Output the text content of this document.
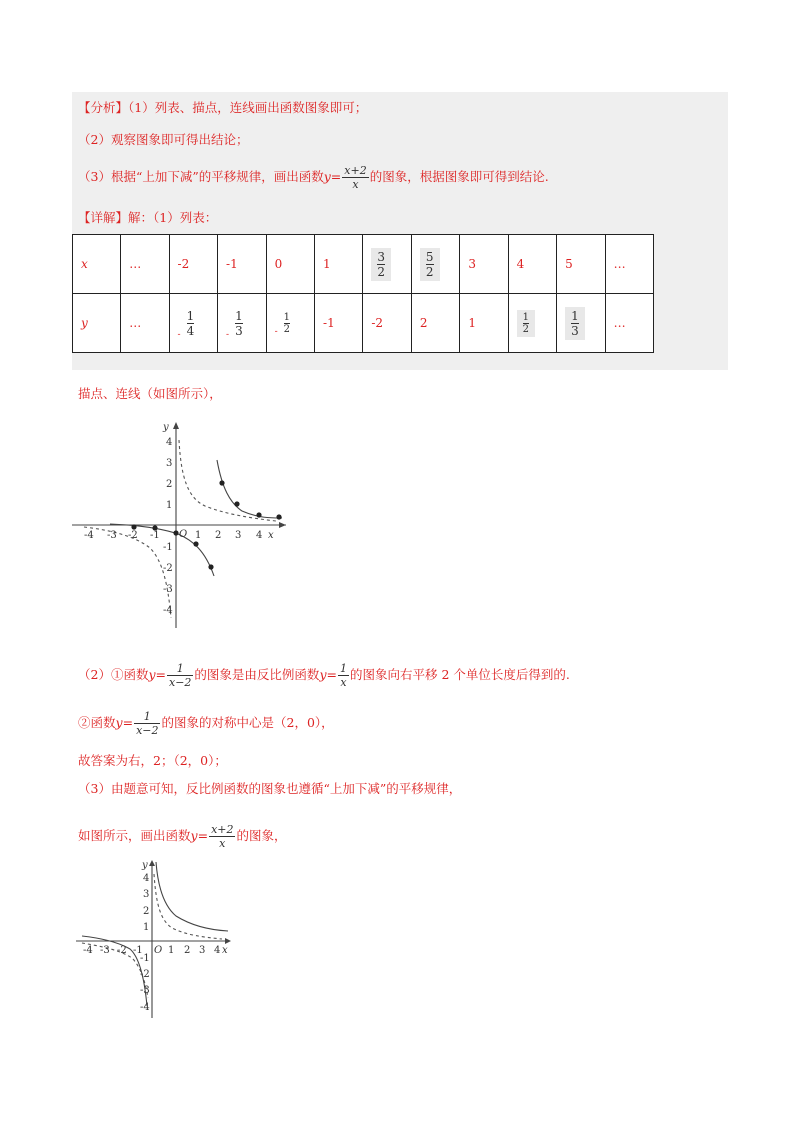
【分析】（1）列表、描点，连线画出函数图象即可；
（2）观察图象即可得出结论；
（3）根据“上加下减”的平移规律，画出函数$y= \frac{x+2}{x}$ 的图象，根据图象即可得到结论.
【详解】解：（1）列表：
x	…	-2	-1	0	1	$\frac{3}{2}$	$\frac{5}{2}$	3	4	5	…
y	…	- $\frac{1}{4}$	- $\frac{1}{3}$	- $\frac{1}{2}$	-1	-2	2	1	$\frac{1}{2}$	$\frac{1}{3}$	…
描点、连线（如图所示），
y
x
O
-4 -3 -2 -1	1 2 3 4
4
3
2
1
-1
-2
-3
-4
（2）①函数$y= \frac{1}{x-2}$ 的图象是由反比例函数$y= \frac{1}{x}$ 的图象向右平移 2 个单位长度后得到的.
②函数$y= \frac{1}{x-2}$ 的图象的对称中心是（2，0），
故答案为右，2；（2，0）；
（3）由题意可知，反比例函数的图象也遵循“上加下减”的平移规律，
如图所示，画出函数$y= \frac{x+2}{x}$ 的图象，
y
x
O
-4 -3 -2 -1	1 2 3 4
4
3
2
1
-1
-2
-3
-4
